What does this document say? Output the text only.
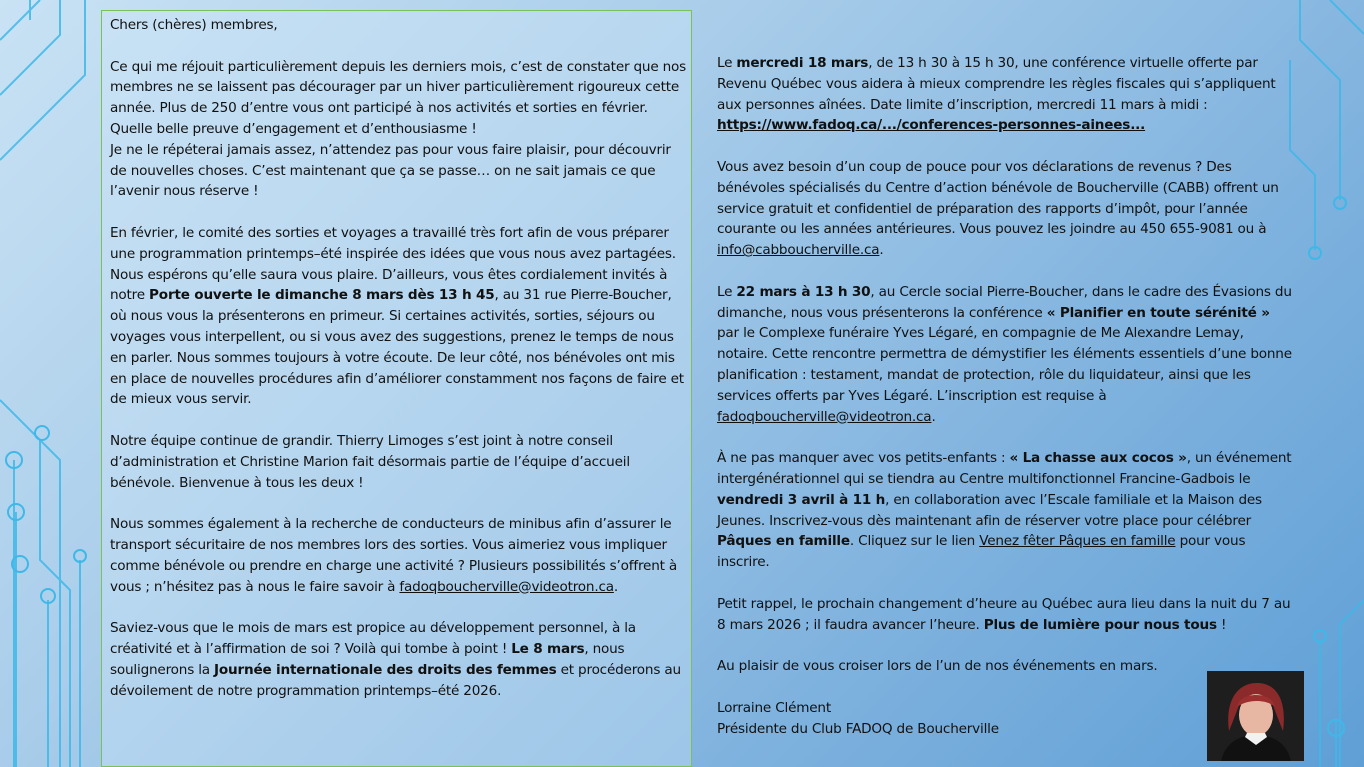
Chers (chères) membres,

Ce qui me réjouit particulièrement depuis les derniers mois, c’est de constater que nos membres ne se laissent pas décourager par un hiver particulièrement rigoureux cette année. Plus de 250 d’entre vous ont participé à nos activités et sorties en février. Quelle belle preuve d’engagement et d’enthousiasme !

Je ne le répéterai jamais assez, n’attendez pas pour vous faire plaisir, pour découvrir de nouvelles choses. C’est maintenant que ça se passe… on ne sait jamais ce que l’avenir nous réserve !

En février, le comité des sorties et voyages a travaillé très fort afin de vous préparer une programmation printemps–été inspirée des idées que vous nous avez partagées. Nous espérons qu’elle saura vous plaire. D’ailleurs, vous êtes cordialement invités à notre Porte ouverte le dimanche 8 mars dès 13 h 45, au 31 rue Pierre-Boucher, où nous vous la présenterons en primeur. Si certaines activités, sorties, séjours ou voyages vous interpellent, ou si vous avez des suggestions, prenez le temps de nous en parler. Nous sommes toujours à votre écoute. De leur côté, nos bénévoles ont mis en place de nouvelles procédures afin d’améliorer constamment nos façons de faire et de mieux vous servir.

Notre équipe continue de grandir. Thierry Limoges s’est joint à notre conseil d’administration et Christine Marion fait désormais partie de l’équipe d’accueil bénévole. Bienvenue à tous les deux !

Nous sommes également à la recherche de conducteurs de minibus afin d’assurer le transport sécuritaire de nos membres lors des sorties. Vous aimeriez vous impliquer comme bénévole ou prendre en charge une activité ? Plusieurs possibilités s’offrent à vous ; n’hésitez pas à nous le faire savoir à fadoqboucherville@videotron.ca.

Saviez-vous que le mois de mars est propice au développement personnel, à la créativité et à l’affirmation de soi ? Voilà qui tombe à point ! Le 8 mars, nous soulignerons la Journée internationale des droits des femmes et procéderons au dévoilement de notre programmation printemps–été 2026.

Le mercredi 18 mars, de 13 h 30 à 15 h 30, une conférence virtuelle offerte par Revenu Québec vous aidera à mieux comprendre les règles fiscales qui s’appliquent aux personnes aînées. Date limite d’inscription, mercredi 11 mars à midi :
https://www.fadoq.ca/.../conferences-personnes-ainees...

Vous avez besoin d’un coup de pouce pour vos déclarations de revenus ? Des bénévoles spécialisés du Centre d’action bénévole de Boucherville (CABB) offrent un service gratuit et confidentiel de préparation des rapports d’impôt, pour l’année courante ou les années antérieures. Vous pouvez les joindre au 450 655-9081 ou à info@cabboucherville.ca.

Le 22 mars à 13 h 30, au Cercle social Pierre-Boucher, dans le cadre des Évasions du dimanche, nous vous présenterons la conférence « Planifier en toute sérénité » par le Complexe funéraire Yves Légaré, en compagnie de Me Alexandre Lemay, notaire. Cette rencontre permettra de démystifier les éléments essentiels d’une bonne planification : testament, mandat de protection, rôle du liquidateur, ainsi que les services offerts par Yves Légaré. L’inscription est requise à fadoqboucherville@videotron.ca.

À ne pas manquer avec vos petits-enfants : « La chasse aux cocos », un événement intergénérationnel qui se tiendra au Centre multifonctionnel Francine-Gadbois le vendredi 3 avril à 11 h, en collaboration avec l’Escale familiale et la Maison des Jeunes. Inscrivez-vous dès maintenant afin de réserver votre place pour célébrer Pâques en famille. Cliquez sur le lien Venez fêter Pâques en famille pour vous inscrire.

Petit rappel, le prochain changement d’heure au Québec aura lieu dans la nuit du 7 au 8 mars 2026 ; il faudra avancer l’heure. Plus de lumière pour nous tous !

Au plaisir de vous croiser lors de l’un de nos événements en mars.

Lorraine Clément

Présidente du Club FADOQ de Boucherville
